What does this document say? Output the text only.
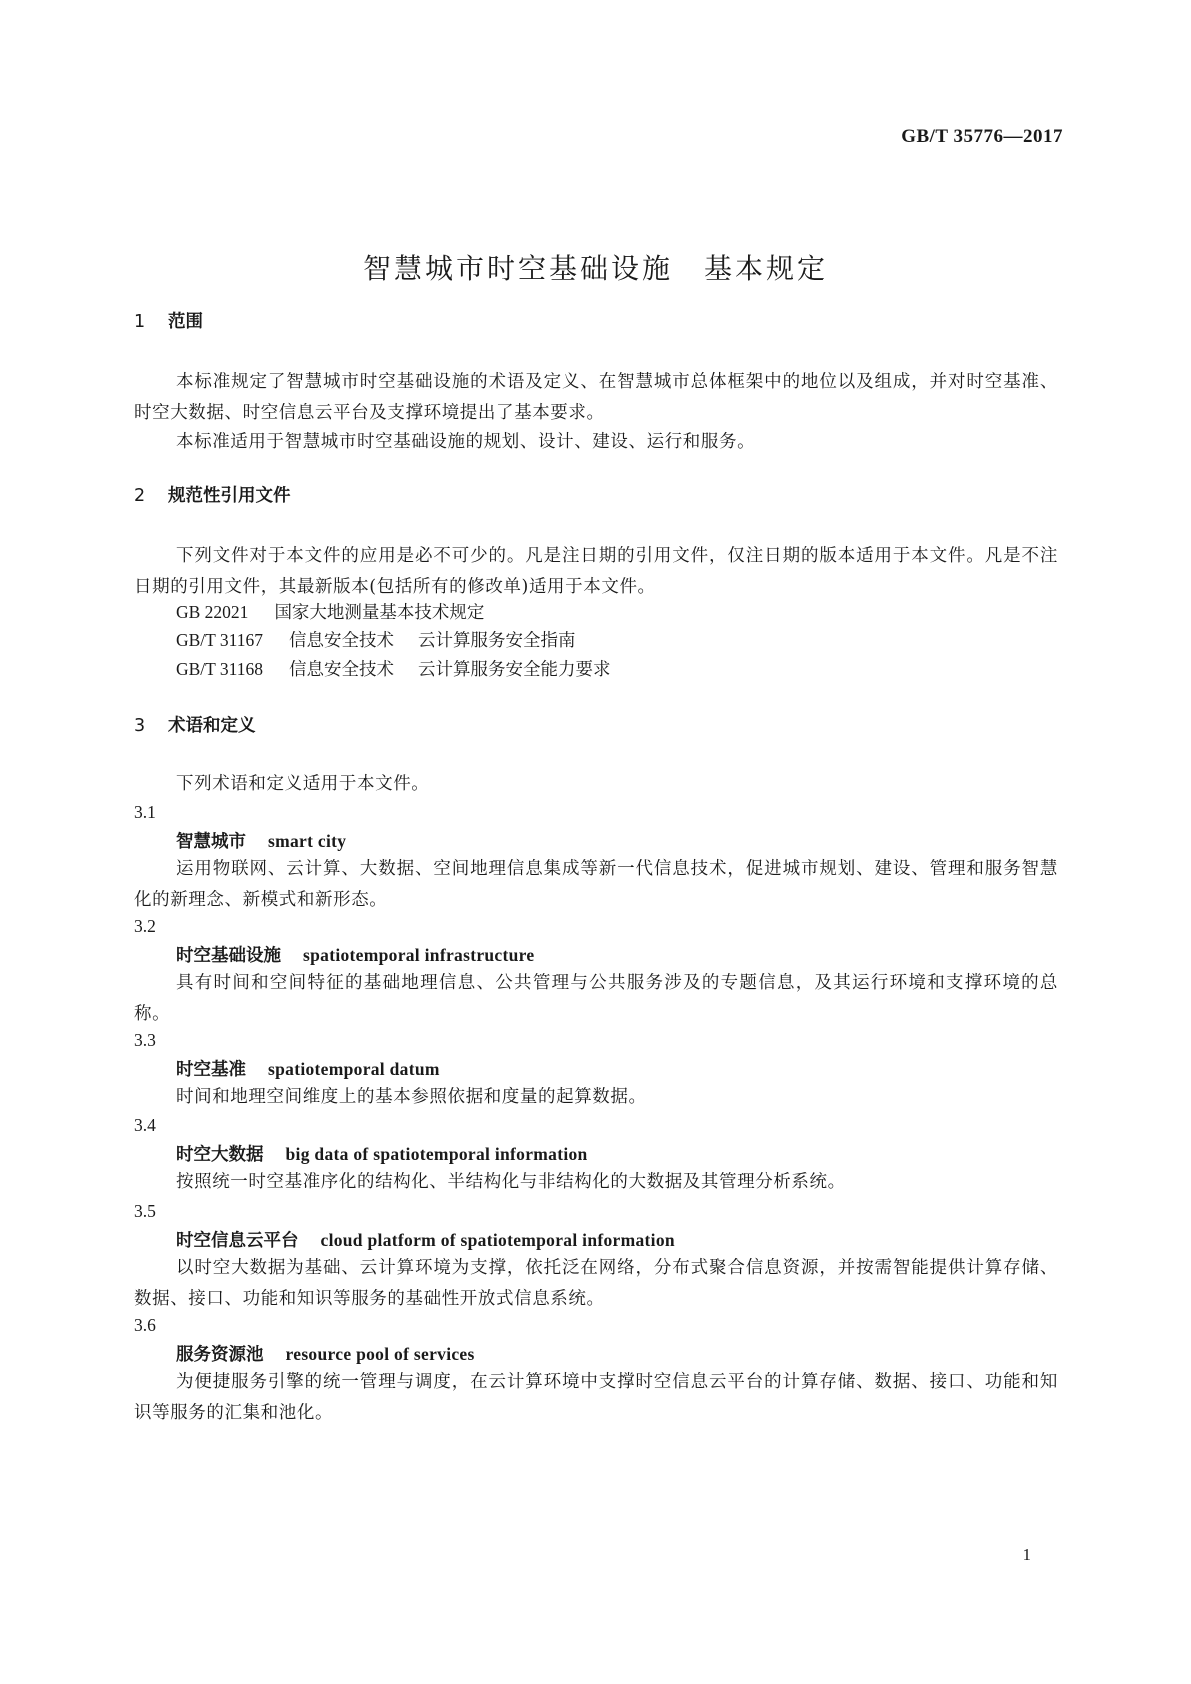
GB/T 35776—2017
智慧城市时空基础设施　基本规定
1 范围
本标准规定了智慧城市时空基础设施的术语及定义、在智慧城市总体框架中的地位以及组成，并对时空基准、时空大数据、时空信息云平台及支撑环境提出了基本要求。
本标准适用于智慧城市时空基础设施的规划、设计、建设、运行和服务。
2 规范性引用文件
下列文件对于本文件的应用是必不可少的。凡是注日期的引用文件，仅注日期的版本适用于本文件。凡是不注日期的引用文件，其最新版本(包括所有的修改单)适用于本文件。
GB 22021 国家大地测量基本技术规定
GB/T 31167 信息安全技术 云计算服务安全指南
GB/T 31168 信息安全技术 云计算服务安全能力要求
3 术语和定义
下列术语和定义适用于本文件。
3.1
智慧城市 smart city
运用物联网、云计算、大数据、空间地理信息集成等新一代信息技术，促进城市规划、建设、管理和服务智慧化的新理念、新模式和新形态。
3.2
时空基础设施 spatiotemporal infrastructure
具有时间和空间特征的基础地理信息、公共管理与公共服务涉及的专题信息，及其运行环境和支撑环境的总称。
3.3
时空基准 spatiotemporal datum
时间和地理空间维度上的基本参照依据和度量的起算数据。
3.4
时空大数据 big data of spatiotemporal information
按照统一时空基准序化的结构化、半结构化与非结构化的大数据及其管理分析系统。
3.5
时空信息云平台 cloud platform of spatiotemporal information
以时空大数据为基础、云计算环境为支撑，依托泛在网络，分布式聚合信息资源，并按需智能提供计算存储、数据、接口、功能和知识等服务的基础性开放式信息系统。
3.6
服务资源池 resource pool of services
为便捷服务引擎的统一管理与调度，在云计算环境中支撑时空信息云平台的计算存储、数据、接口、功能和知识等服务的汇集和池化。
1
